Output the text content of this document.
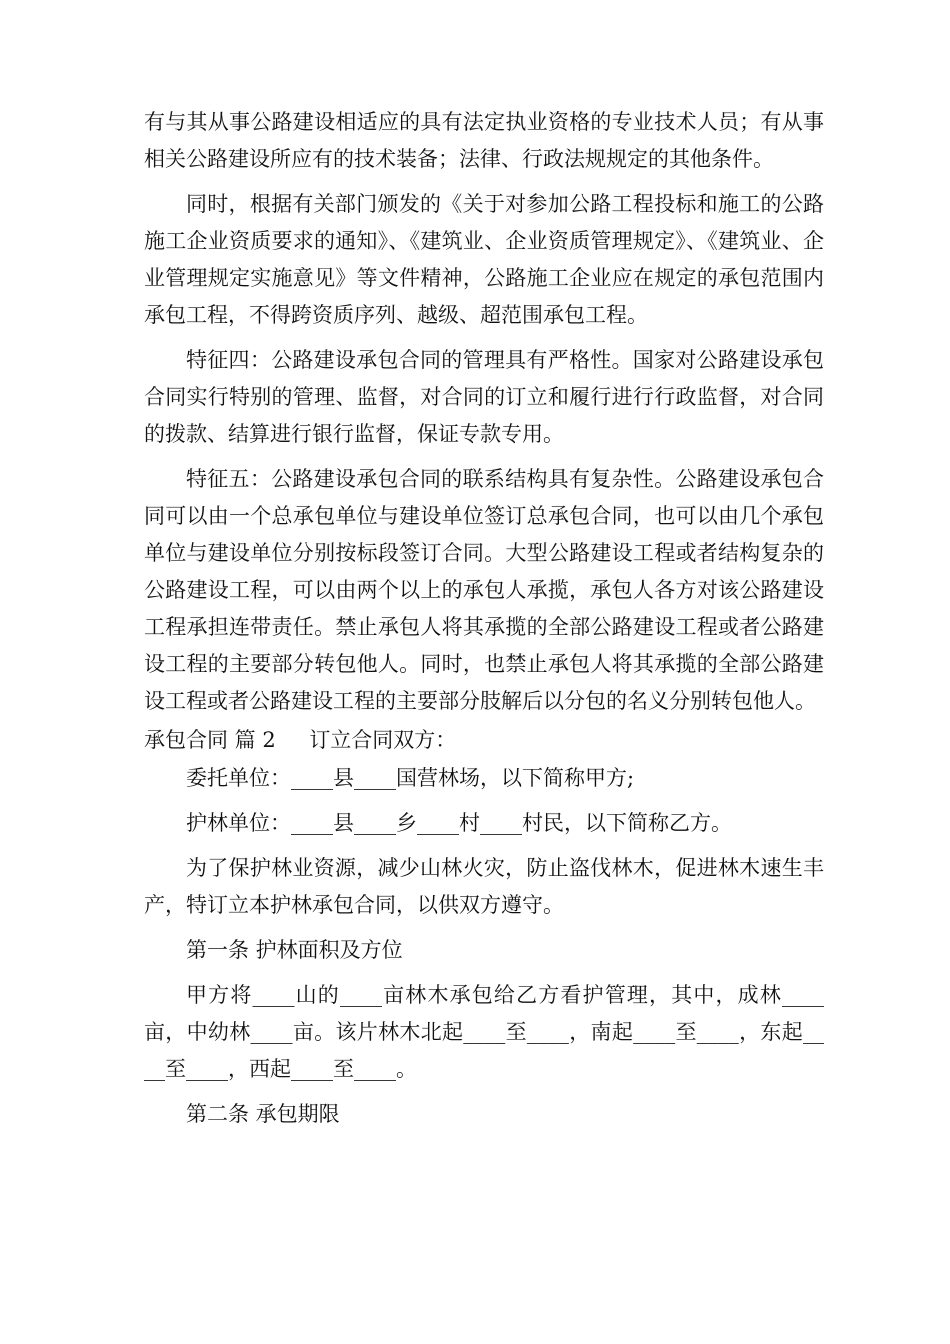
有与其从事公路建设相适应的具有法定执业资格的专业技术人员；有从事相关公路建设所应有的技术装备；法律、行政法规规定的其他条件。

同时，根据有关部门颁发的《关于对参加公路工程投标和施工的公路施工企业资质要求的通知》、《建筑业、企业资质管理规定》、《建筑业、企业管理规定实施意见》等文件精神，公路施工企业应在规定的承包范围内承包工程，不得跨资质序列、越级、超范围承包工程。

特征四：公路建设承包合同的管理具有严格性。国家对公路建设承包合同实行特别的管理、监督，对合同的订立和履行进行行政监督，对合同的拨款、结算进行银行监督，保证专款专用。

特征五：公路建设承包合同的联系结构具有复杂性。公路建设承包合同可以由一个总承包单位与建设单位签订总承包合同，也可以由几个承包单位与建设单位分别按标段签订合同。大型公路建设工程或者结构复杂的公路建设工程，可以由两个以上的承包人承揽，承包人各方对该公路建设工程承担连带责任。禁止承包人将其承揽的全部公路建设工程或者公路建设工程的主要部分转包他人。同时，也禁止承包人将其承揽的全部公路建设工程或者公路建设工程的主要部分肢解后以分包的名义分别转包他人。

承包合同 篇 2 订立合同双方：

委托单位：____县____国营林场，以下简称甲方;

护林单位：____县____乡____村____村民，以下简称乙方。

为了保护林业资源，减少山林火灾，防止盗伐林木，促进林木速生丰产，特订立本护林承包合同，以供双方遵守。

第一条 护林面积及方位

甲方将____山的____亩林木承包给乙方看护管理，其中，成林____亩，中幼林____亩。该片林木北起____至____，南起____至____，东起____至____，西起____至____。

第二条 承包期限
